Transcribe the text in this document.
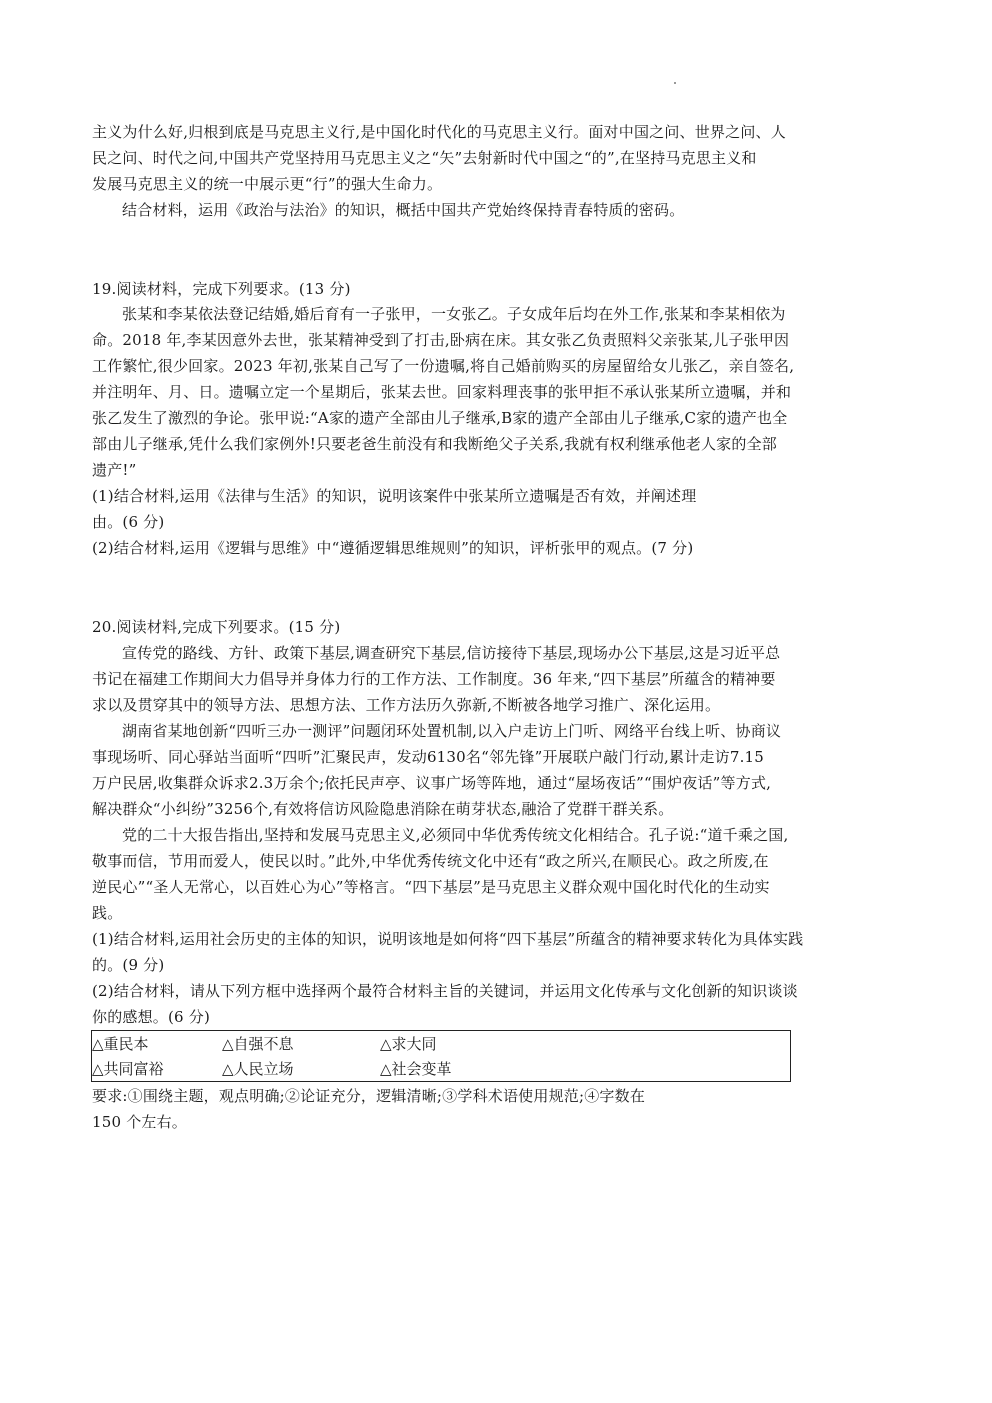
主义为什么好,归根到底是马克思主义行,是中国化时代化的马克思主义行。面对中国之问、世界之问、人
民之问、时代之问,中国共产党坚持用马克思主义之“矢”去射新时代中国之“的”,在坚持马克思主义和
发展马克思主义的统一中展示更“行”的强大生命力。
结合材料，运用《政治与法治》的知识，概括中国共产党始终保持青春特质的密码。
19.阅读材料，完成下列要求。(13 分)
张某和李某依法登记结婚,婚后育有一子张甲，一女张乙。子女成年后均在外工作,张某和李某相依为
命。2018 年,李某因意外去世，张某精神受到了打击,卧病在床。其女张乙负责照料父亲张某,儿子张甲因
工作繁忙,很少回家。2023 年初,张某自己写了一份遗嘱,将自己婚前购买的房屋留给女儿张乙，亲自签名,
并注明年、月、日。遗嘱立定一个星期后，张某去世。回家料理丧事的张甲拒不承认张某所立遗嘱，并和
张乙发生了激烈的争论。张甲说:“A家的遗产全部由儿子继承,B家的遗产全部由儿子继承,C家的遗产也全
部由儿子继承,凭什么我们家例外!只要老爸生前没有和我断绝父子关系,我就有权利继承他老人家的全部
遗产!”
(1)结合材料,运用《法律与生活》的知识，说明该案件中张某所立遗嘱是否有效，并阐述理
由。(6 分)
(2)结合材料,运用《逻辑与思维》中“遵循逻辑思维规则”的知识，评析张甲的观点。(7 分)
20.阅读材料,完成下列要求。(15 分)
宣传党的路线、方针、政策下基层,调查研究下基层,信访接待下基层,现场办公下基层,这是习近平总
书记在福建工作期间大力倡导并身体力行的工作方法、工作制度。36 年来,“四下基层”所蕴含的精神要
求以及贯穿其中的领导方法、思想方法、工作方法历久弥新,不断被各地学习推广、深化运用。
湖南省某地创新“四听三办一测评”问题闭环处置机制,以入户走访上门听、网络平台线上听、协商议
事现场听、同心驿站当面听“四听”汇聚民声，发动6130名“邻先锋”开展联户敲门行动,累计走访7.15
万户民居,收集群众诉求2.3万余个;依托民声亭、议事广场等阵地，通过“屋场夜话”“围炉夜话”等方式,
解决群众“小纠纷”3256个,有效将信访风险隐患消除在萌芽状态,融洽了党群干群关系。
党的二十大报告指出,坚持和发展马克思主义,必须同中华优秀传统文化相结合。孔子说:“道千乘之国,
敬事而信，节用而爱人，使民以时。”此外,中华优秀传统文化中还有“政之所兴,在顺民心。政之所废,在
逆民心”“圣人无常心，以百姓心为心”等格言。“四下基层”是马克思主义群众观中国化时代化的生动实
践。
(1)结合材料,运用社会历史的主体的知识，说明该地是如何将“四下基层”所蕴含的精神要求转化为具体实践
的。(9 分)
(2)结合材料，请从下列方框中选择两个最符合材料主旨的关键词，并运用文化传承与文化创新的知识谈谈
你的感想。(6 分)
△重民本	△自强不息	△求大同
△共同富裕	△人民立场	△社会变革
要求:①围绕主题，观点明确;②论证充分，逻辑清晰;③学科术语使用规范;④字数在
150 个左右。
